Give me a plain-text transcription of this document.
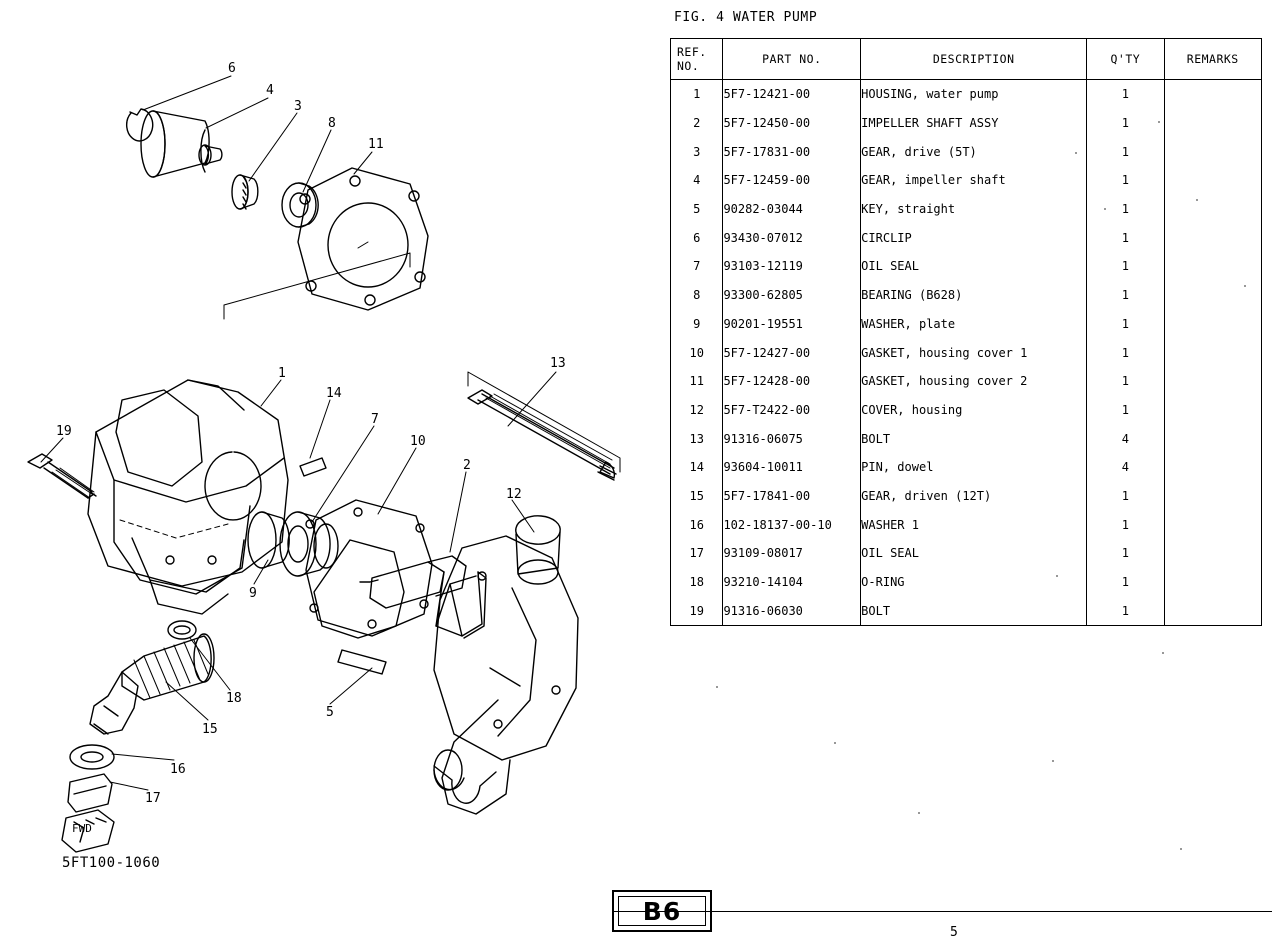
6
4
3
8
11
1
13
14
19
7
10
2
12
9
5
18
15
16
17
FWD
5FT100-1060
FIG. 4 WATER PUMP
REF.
NO.	PART NO.	DESCRIPTION	Q'TY	REMARKS
1	5F7-12421-00	HOUSING, water pump	1	
2	5F7-12450-00	IMPELLER SHAFT ASSY	1	
3	5F7-17831-00	GEAR, drive (5T)	1	
4	5F7-12459-00	GEAR, impeller shaft	1	
5	90282-03044	KEY, straight	1	
6	93430-07012	CIRCLIP	1	
7	93103-12119	OIL SEAL	1	
8	93300-62805	BEARING (B628)	1	
9	90201-19551	WASHER, plate	1	
10	5F7-12427-00	GASKET, housing cover 1	1	
11	5F7-12428-00	GASKET, housing cover 2	1	
12	5F7-T2422-00	COVER, housing	1	
13	91316-06075	BOLT	4	
14	93604-10011	PIN, dowel	4	
15	5F7-17841-00	GEAR, driven (12T)	1	
16	102-18137-00-10	WASHER 1	1	
17	93109-08017	OIL SEAL	1	
18	93210-14104	O-RING	1	
19	91316-06030	BOLT	1	
B6
5
